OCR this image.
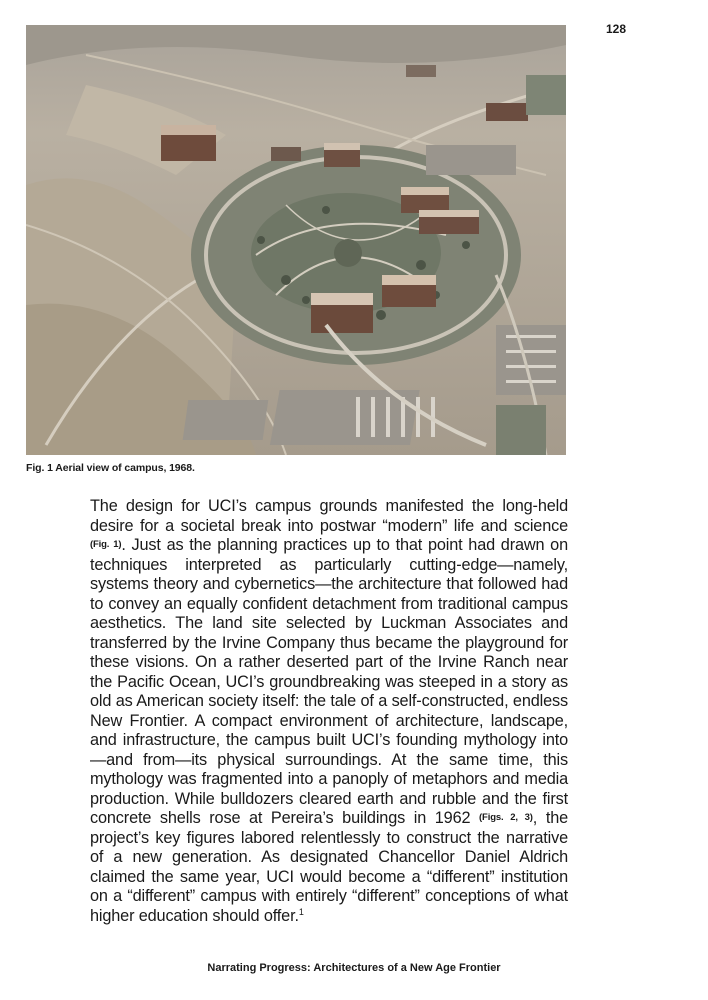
128
Fig. 1 Aerial view of campus, 1968.

The design for UCI’s campus grounds manifested the long-held desire for a societal break into postwar “modern” life and science (Fig. 1). Just as the planning practices up to that point had drawn on techniques interpreted as particularly cutting-edge—namely, systems theory and cybernetics—the architecture that followed had to convey an equally confident detachment from traditional campus aesthetics. The land site selected by Luckman Associates and transferred by the Irvine Company thus became the playground for these visions. On a rather deserted part of the Irvine Ranch near the Pacific Ocean, UCI’s groundbreaking was steeped in a story as old as American society itself: the tale of a self-constructed, endless New Frontier. A compact environment of architecture, landscape, and infrastructure, the campus built UCI’s founding mythology into—and from—its physical surroundings. At the same time, this mythology was fragmented into a panoply of metaphors and media production. While bulldozers cleared earth and rubble and the first concrete shells rose at Pereira’s buildings in 1962 (Figs. 2, 3), the project’s key figures labored relentlessly to construct the narrative of a new generation. As designated Chancellor Daniel Aldrich claimed the same year, UCI would become a “different” institution on a “different” campus with entirely “different” conceptions of what higher education should offer.$^1$

Narrating Progress: Architectures of a New Age Frontier
